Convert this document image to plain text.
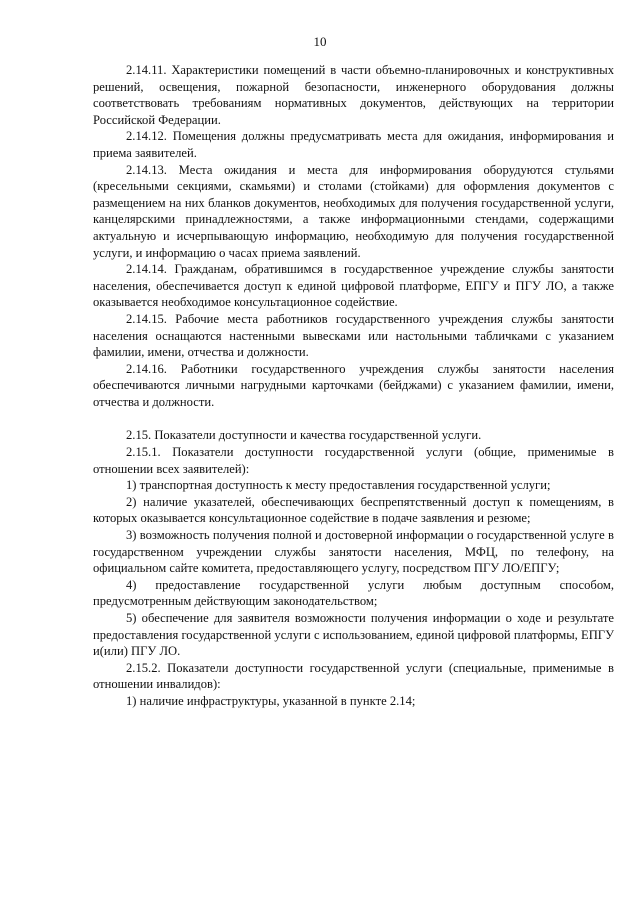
10

2.14.11. Характеристики помещений в части объемно-планировочных и конструктивных решений, освещения, пожарной безопасности, инженерного оборудования должны соответствовать требованиям нормативных документов, действующих на территории Российской Федерации.

2.14.12. Помещения должны предусматривать места для ожидания, информирования и приема заявителей.

2.14.13. Места ожидания и места для информирования оборудуются стульями (кресельными секциями, скамьями) и столами (стойками) для оформления документов с размещением на них бланков документов, необходимых для получения государственной услуги, канцелярскими принадлежностями, а также информационными стендами, содержащими актуальную и исчерпывающую информацию, необходимую для получения государственной услуги, и информацию о часах приема заявлений.

2.14.14. Гражданам, обратившимся в государственное учреждение службы занятости населения, обеспечивается доступ к единой цифровой платформе, ЕПГУ и ПГУ ЛО, а также оказывается необходимое консультационное содействие.

2.14.15. Рабочие места работников государственного учреждения службы занятости населения оснащаются настенными вывесками или настольными табличками с указанием фамилии, имени, отчества и должности.

2.14.16. Работники государственного учреждения службы занятости населения обеспечиваются личными нагрудными карточками (бейджами) с указанием фамилии, имени, отчества и должности.

2.15. Показатели доступности и качества государственной услуги.

2.15.1. Показатели доступности государственной услуги (общие, применимые в отношении всех заявителей):

1) транспортная доступность к месту предоставления государственной услуги;

2) наличие указателей, обеспечивающих беспрепятственный доступ к помещениям, в которых оказывается консультационное содействие в подаче заявления и резюме;

3) возможность получения полной и достоверной информации о государственной услуге в государственном учреждении службы занятости населения, МФЦ, по телефону, на официальном сайте комитета, предоставляющего услугу, посредством ПГУ ЛО/ЕПГУ;

4) предоставление государственной услуги любым доступным способом, предусмотренным действующим законодательством;

5) обеспечение для заявителя возможности получения информации о ходе и результате предоставления государственной услуги с использованием, единой цифровой платформы, ЕПГУ и(или) ПГУ ЛО.

2.15.2. Показатели доступности государственной услуги (специальные, применимые в отношении инвалидов):

1) наличие инфраструктуры, указанной в пункте 2.14;
